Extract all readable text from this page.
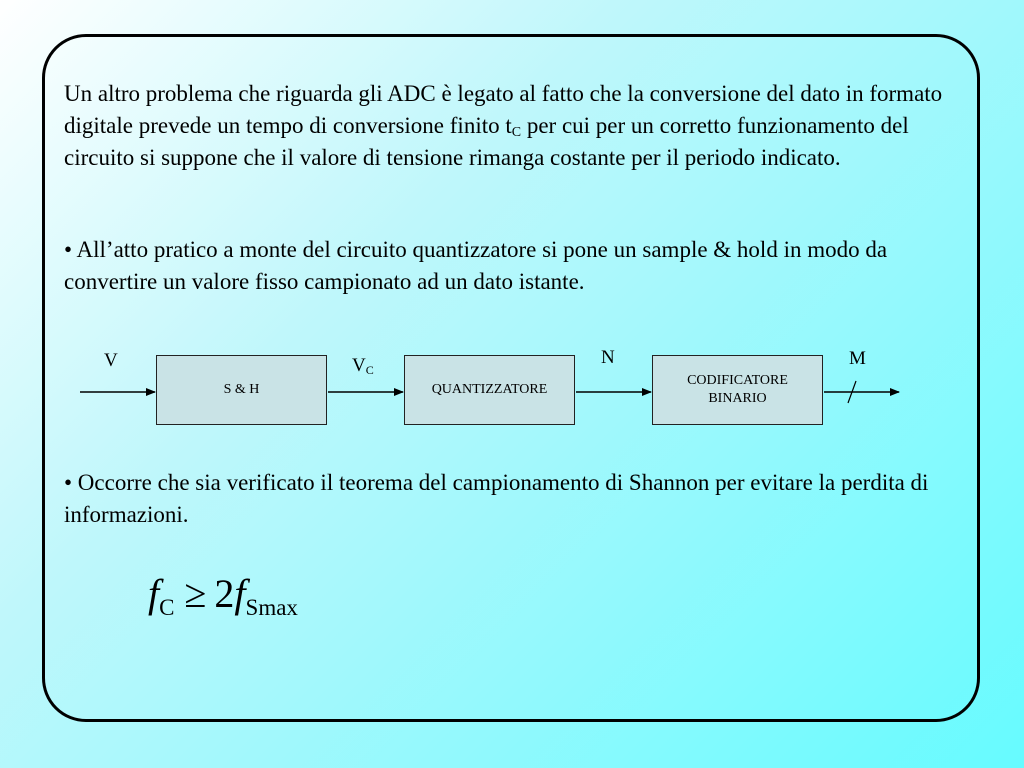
Un altro problema che riguarda gli ADC è legato al fatto che la conversione del dato in formato digitale prevede un tempo di conversione finito $t_C$ per cui per un corretto funzionamento del circuito si suppone che il valore di tensione rimanga costante per il periodo indicato.

• All’atto pratico a monte del circuito quantizzatore si pone un sample & hold in modo da convertire un valore fisso campionato ad un dato istante.

S & H	QUANTIZZATORE
CODIFICATORE
BINARIO
V	$V_C$
N	M

• Occorre che sia verificato il teorema del campionamento di Shannon per evitare la perdita di informazioni.

$f_C \ge 2f_{Smax}$
